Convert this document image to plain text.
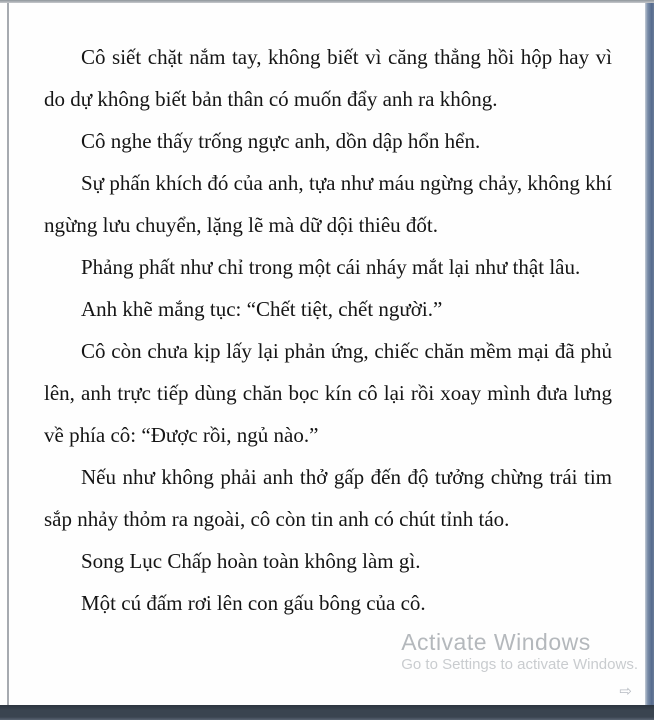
Cô siết chặt nắm tay, không biết vì căng thẳng hồi hộp hay vì do dự không biết bản thân có muốn đẩy anh ra không.

Cô nghe thấy trống ngực anh, dồn dập hổn hển.

Sự phấn khích đó của anh, tựa như máu ngừng chảy, không khí ngừng lưu chuyển, lặng lẽ mà dữ dội thiêu đốt.

Phảng phất như chỉ trong một cái nháy mắt lại như thật lâu.

Anh khẽ mắng tục: “Chết tiệt, chết người.”

Cô còn chưa kịp lấy lại phản ứng, chiếc chăn mềm mại đã phủ lên, anh trực tiếp dùng chăn bọc kín cô lại rồi xoay mình đưa lưng về phía cô: “Được rồi, ngủ nào.”

Nếu như không phải anh thở gấp đến độ tưởng chừng trái tim sắp nhảy thỏm ra ngoài, cô còn tin anh có chút tỉnh táo.

Song Lục Chấp hoàn toàn không làm gì.

Một cú đấm rơi lên con gấu bông của cô.

Activate Windows
Go to Settings to activate Windows.
⇨
